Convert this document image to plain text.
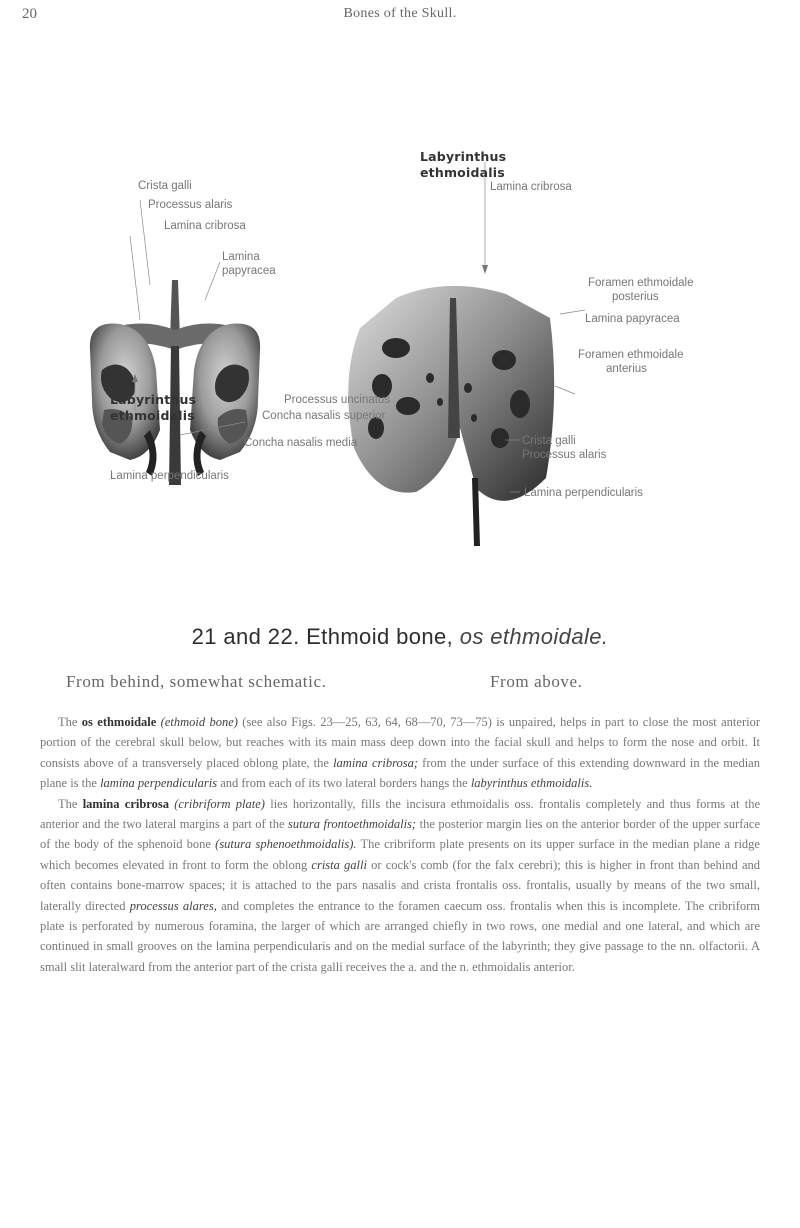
20	Bones of the Skull.
Crista galli
Processus alaris
Lamina cribrosa
Lamina
papyracea
Labyrinthus
ethmoidalis
Processus uncinatus
Concha nasalis superior
Concha nasalis media
Lamina perpendicularis
Labyrinthus
ethmoidalis
Lamina cribrosa
Foramen ethmoidale
posterius
Lamina papyracea
Foramen ethmoidale
anterius
Crista galli
Processus alaris
Lamina perpendicularis
21 and 22. Ethmoid bone, os ethmoidale.
From behind, somewhat schematic.	From above.

The os ethmoidale (ethmoid bone) (see also Figs. 23—25, 63, 64, 68—70, 73—75) is unpaired, helps in part to close the most anterior portion of the cerebral skull below, but reaches with its main mass deep down into the facial skull and helps to form the nose and orbit. It consists above of a transversely placed oblong plate, the lamina cribrosa; from the under surface of this extending downward in the median plane is the lamina perpendicularis and from each of its two lateral borders hangs the labyrinthus ethmoidalis.

The lamina cribrosa (cribriform plate) lies horizontally, fills the incisura ethmoidalis oss. frontalis completely and thus forms at the anterior and the two lateral margins a part of the sutura frontoethmoidalis; the posterior margin lies on the anterior border of the upper surface of the body of the sphenoid bone (sutura sphenoethmoidalis). The cribriform plate presents on its upper surface in the median plane a ridge which becomes elevated in front to form the oblong crista galli or cock's comb (for the falx cerebri); this is higher in front than behind and often contains bone-marrow spaces; it is attached to the pars nasalis and crista frontalis oss. frontalis, usually by means of the two small, laterally directed processus alares, and completes the entrance to the foramen caecum oss. frontalis when this is incomplete. The cribriform plate is perforated by numerous foramina, the larger of which are arranged chiefly in two rows, one medial and one lateral, and which are continued in small grooves on the lamina perpendicularis and on the medial surface of the labyrinth; they give passage to the nn. olfactorii. A small slit lateralward from the anterior part of the crista galli receives the a. and the n. ethmoidalis anterior.
